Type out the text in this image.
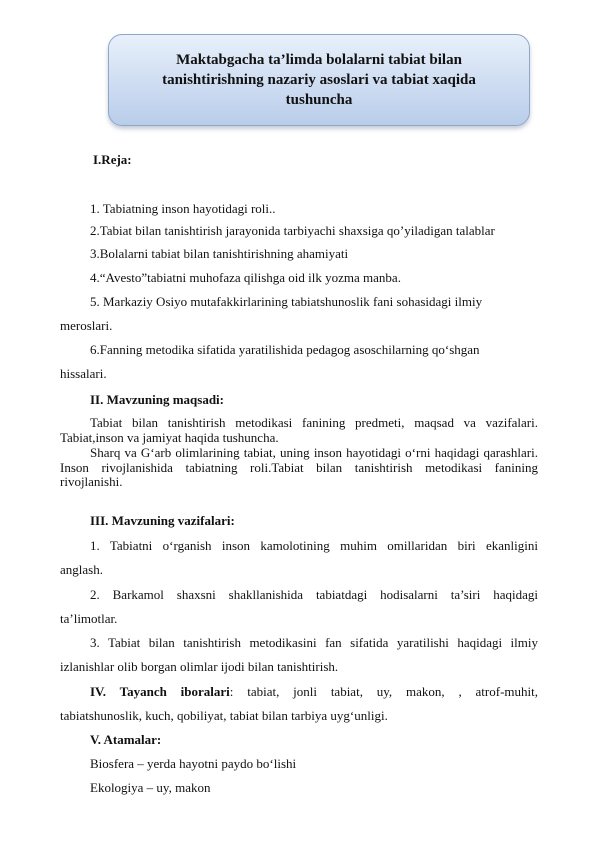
Maktabgacha ta’limda bolalarni tabiat bilan
tanishtirishning nazariy asoslari va tabiat xaqida
tushuncha
I.Reja:
1. Tabiatning inson hayotidagi roli..
2.Tabiat bilan tanishtirish jarayonida tarbiyachi shaxsiga qo’yiladigan talablar
3.Bolalarni tabiat bilan tanishtirishning ahamiyati
4.“Avesto”tabiatni muhofaza qilishga oid ilk yozma manba.
5. Markaziy Osiyo mutafakkirlarining tabiatshunoslik fani sohasidagi ilmiy
meroslari.
6.Fanning metodika sifatida yaratilishida pedagog asoschilarning qo‘shgan
hissalari.
II. Mavzuning maqsadi:
Tabiat bilan tanishtirish metodikasi fanining predmeti, maqsad va vazifalari. Tabiat,inson va jamiyat haqida tushuncha.
Sharq va G‘arb olimlarining tabiat, uning inson hayotidagi o‘rni haqidagi qarashlari. Inson rivojlanishida tabiatning roli.Tabiat bilan tanishtirish metodikasi fanining rivojlanishi.
III. Mavzuning vazifalari:
1. Tabiatni o‘rganish inson kamolotining muhim omillaridan biri ekanligini
anglash.
2. Barkamol shaxsni shakllanishida tabiatdagi hodisalarni ta’siri haqidagi
ta’limotlar.
3. Tabiat bilan tanishtirish metodikasini fan sifatida yaratilishi haqidagi ilmiy
izlanishlar olib borgan olimlar ijodi bilan tanishtirish.
IV. Tayanch iboralari: tabiat, jonli tabiat, uy, makon, , atrof-muhit,
tabiatshunoslik, kuch, qobiliyat, tabiat bilan tarbiya uyg‘unligi.
V. Atamalar:
Biosfera – yerda hayotni paydo bo‘lishi
Ekologiya – uy, makon
